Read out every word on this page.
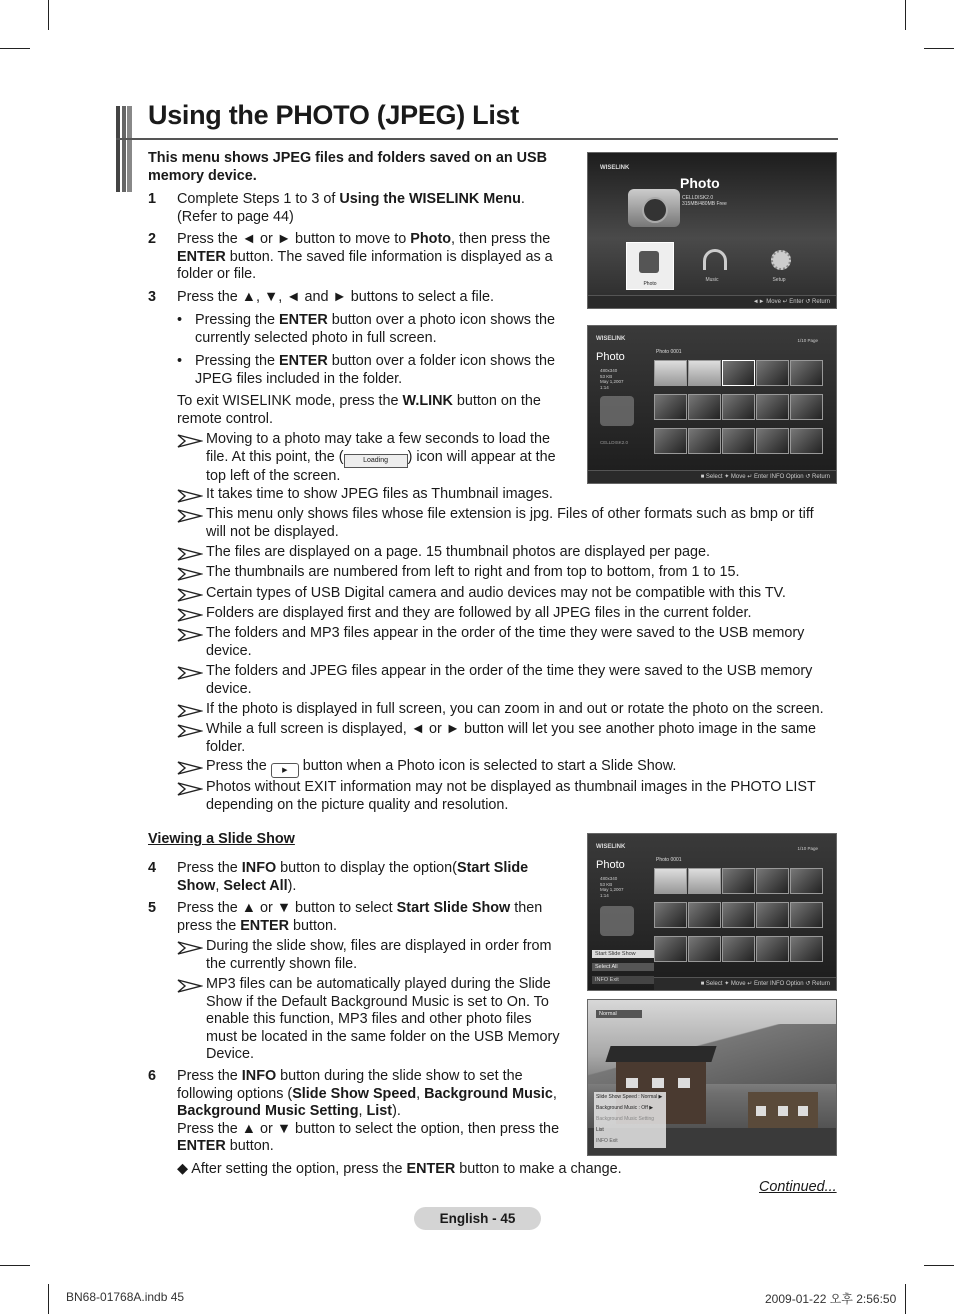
Using the PHOTO (JPEG) List
This menu shows JPEG files and folders saved on an USB memory device.
1 Complete Steps 1 to 3 of Using the WISELINK Menu.
(Refer to page 44)
2 Press the ◄ or ► button to move to Photo, then press the
ENTER button. The saved file information is displayed as a
folder or file.
3 Press the ▲, ▼, ◄ and ► buttons to select a file.
• Pressing the ENTER button over a photo icon shows the
currently selected photo in full screen.
• Pressing the ENTER button over a folder icon shows the
JPEG files included in the folder.
To exit WISELINK mode, press the W.LINK button on the
remote control.
Moving to a photo may take a few seconds to load the
file. At this point, the (	Loading ) icon will appear at the
top left of the screen.
It takes time to show JPEG files as Thumbnail images.
This menu only shows files whose file extension is jpg. Files of other formats such as bmp or tiff
will not be displayed.
The files are displayed on a page. 15 thumbnail photos are displayed per page.
The thumbnails are numbered from left to right and from top to bottom, from 1 to 15.
Certain types of USB Digital camera and audio devices may not be compatible with this TV.
Folders are displayed first and they are followed by all JPEG files in the current folder.
The folders and MP3 files appear in the order of the time they were saved to the USB memory
device.
The folders and JPEG files appear in the order of the time they were saved to the USB memory
device.
If the photo is displayed in full screen, you can zoom in and out or rotate the photo on the screen.
While a full screen is displayed, ◄ or ► button will let you see another photo image in the same
folder.
Press the ▶ button when a Photo icon is selected to start a Slide Show.
Photos without EXIT information may not be displayed as thumbnail images in the PHOTO LIST
depending on the picture quality and resolution.
Viewing a Slide Show
4 Press the INFO button to display the option(Start Slide
Show, Select All).
5 Press the ▲ or ▼ button to select Start Slide Show then
press the ENTER button.
During the slide show, files are displayed in order from
the currently shown file.
MP3 files can be automatically played during the Slide
Show if the Default Background Music is set to On. To
enable this function, MP3 files and other photo files
must be located in the same folder on the USB Memory
Device.
6 Press the INFO button during the slide show to set the
following options (Slide Show Speed, Background Music,
Background Music Setting, List).
Press the ▲ or ▼ button to select the option, then press the
ENTER button.
◆ After setting the option, press the ENTER button to make a change.
Continued...
WISELINK
Photo
CELLDISK2.0
315MB/480MB Free
Photo
Music	Setup
◄► Move ↵ Enter ↺ Return
WISELINK	1/10 Page
Photo	Photo 0001
480x340
53 KB
May 1,2007
1:14
CELLDISK2.0
■ Select ✦ Move ↵ Enter INFO Option ↺ Return
WISELINK	1/10 Page
Photo	Photo 0001
480x340
53 KB
May 1,2007
1:14
Start Slide Show
Select All
INFO Exit
■ Select ✦ Move ↵ Enter INFO Option ↺ Return
Normal
Slide Show Speed : Normal ▶
Background Music : Off ▶
Background Music Setting
List
INFO Exit
English - 45
BN68-01768A.indb 45	2009-01-22 오후 2:56:50
